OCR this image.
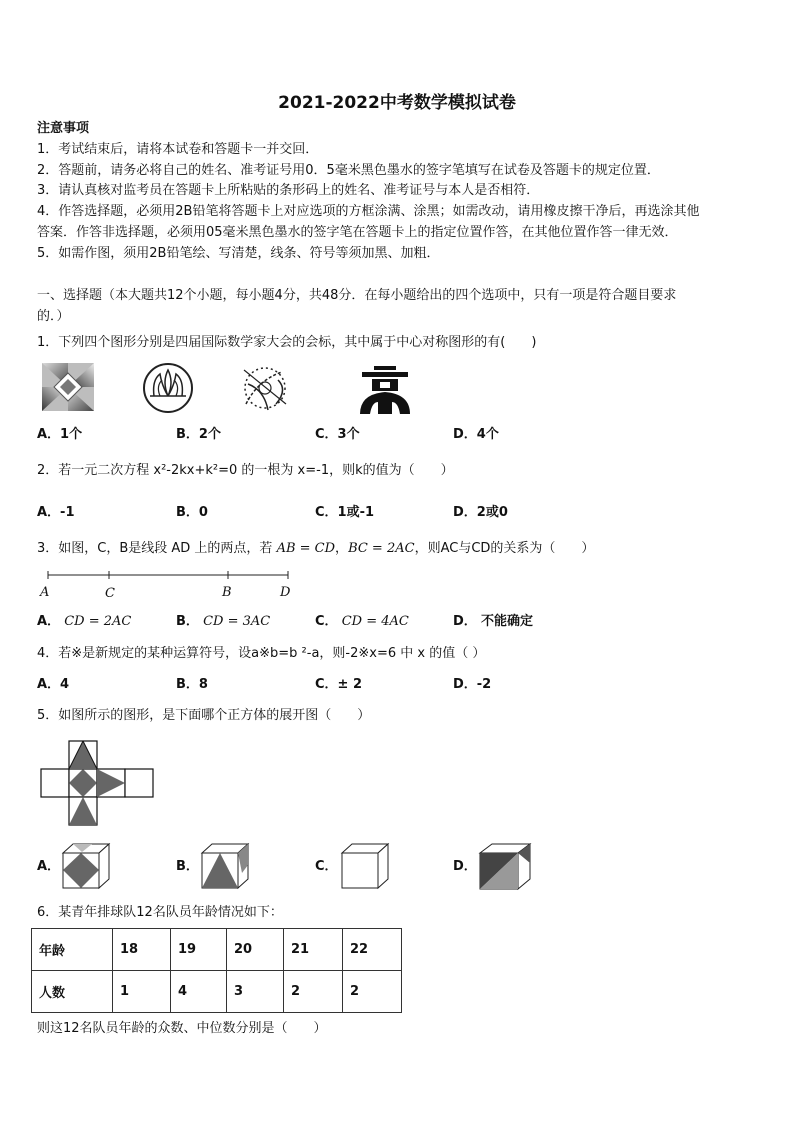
2021-2022中考数学模拟试卷
注意事项
1．考试结束后，请将本试卷和答题卡一并交回．
2．答题前，请务必将自己的姓名、准考证号用0．5毫米黑色墨水的签字笔填写在试卷及答题卡的规定位置．
3．请认真核对监考员在答题卡上所粘贴的条形码上的姓名、准考证号与本人是否相符．
4．作答选择题，必须用2B铅笔将答题卡上对应选项的方框涂满、涂黑；如需改动，请用橡皮擦干净后，再选涂其他
答案．作答非选择题，必须用05毫米黑色墨水的签字笔在答题卡上的指定位置作答，在其他位置作答一律无效．
5．如需作图，须用2B铅笔绘、写清楚，线条、符号等须加黑、加粗．
一、选择题（本大题共12个小题，每小题4分，共48分．在每小题给出的四个选项中，只有一项是符合题目要求
的．）
1．下列四个图形分别是四届国际数学家大会的会标，其中属于中心对称图形的有(　　)
A．1个	B．2个	C．3个	D．4个
2．若一元二次方程 x²-2kx+k²=0 的一根为 x=-1，则k的值为（　　）
A．-1	B．0	C．1或-1	D．2或0
3．如图，C，B是线段 AD 上的两点，若 AB = CD，BC = 2AC，则AC与CD的关系为（　　）
A	C	B	D
A． CD = 2AC	B． CD = 3AC	C． CD = 4AC	D． 不能确定
4．若※是新规定的某种运算符号，设a※b=b ²-a，则-2※x=6 中 x 的值（ ）
A．4	B．8	C．± 2	D．-2
5．如图所示的图形，是下面哪个正方体的展开图（　　）
A．	B．	C．	D．
6．某青年排球队12名队员年龄情况如下：
年龄	18	19	20	21	22
人数	1	4	3	2	2
则这12名队员年龄的众数、中位数分别是（　　）
